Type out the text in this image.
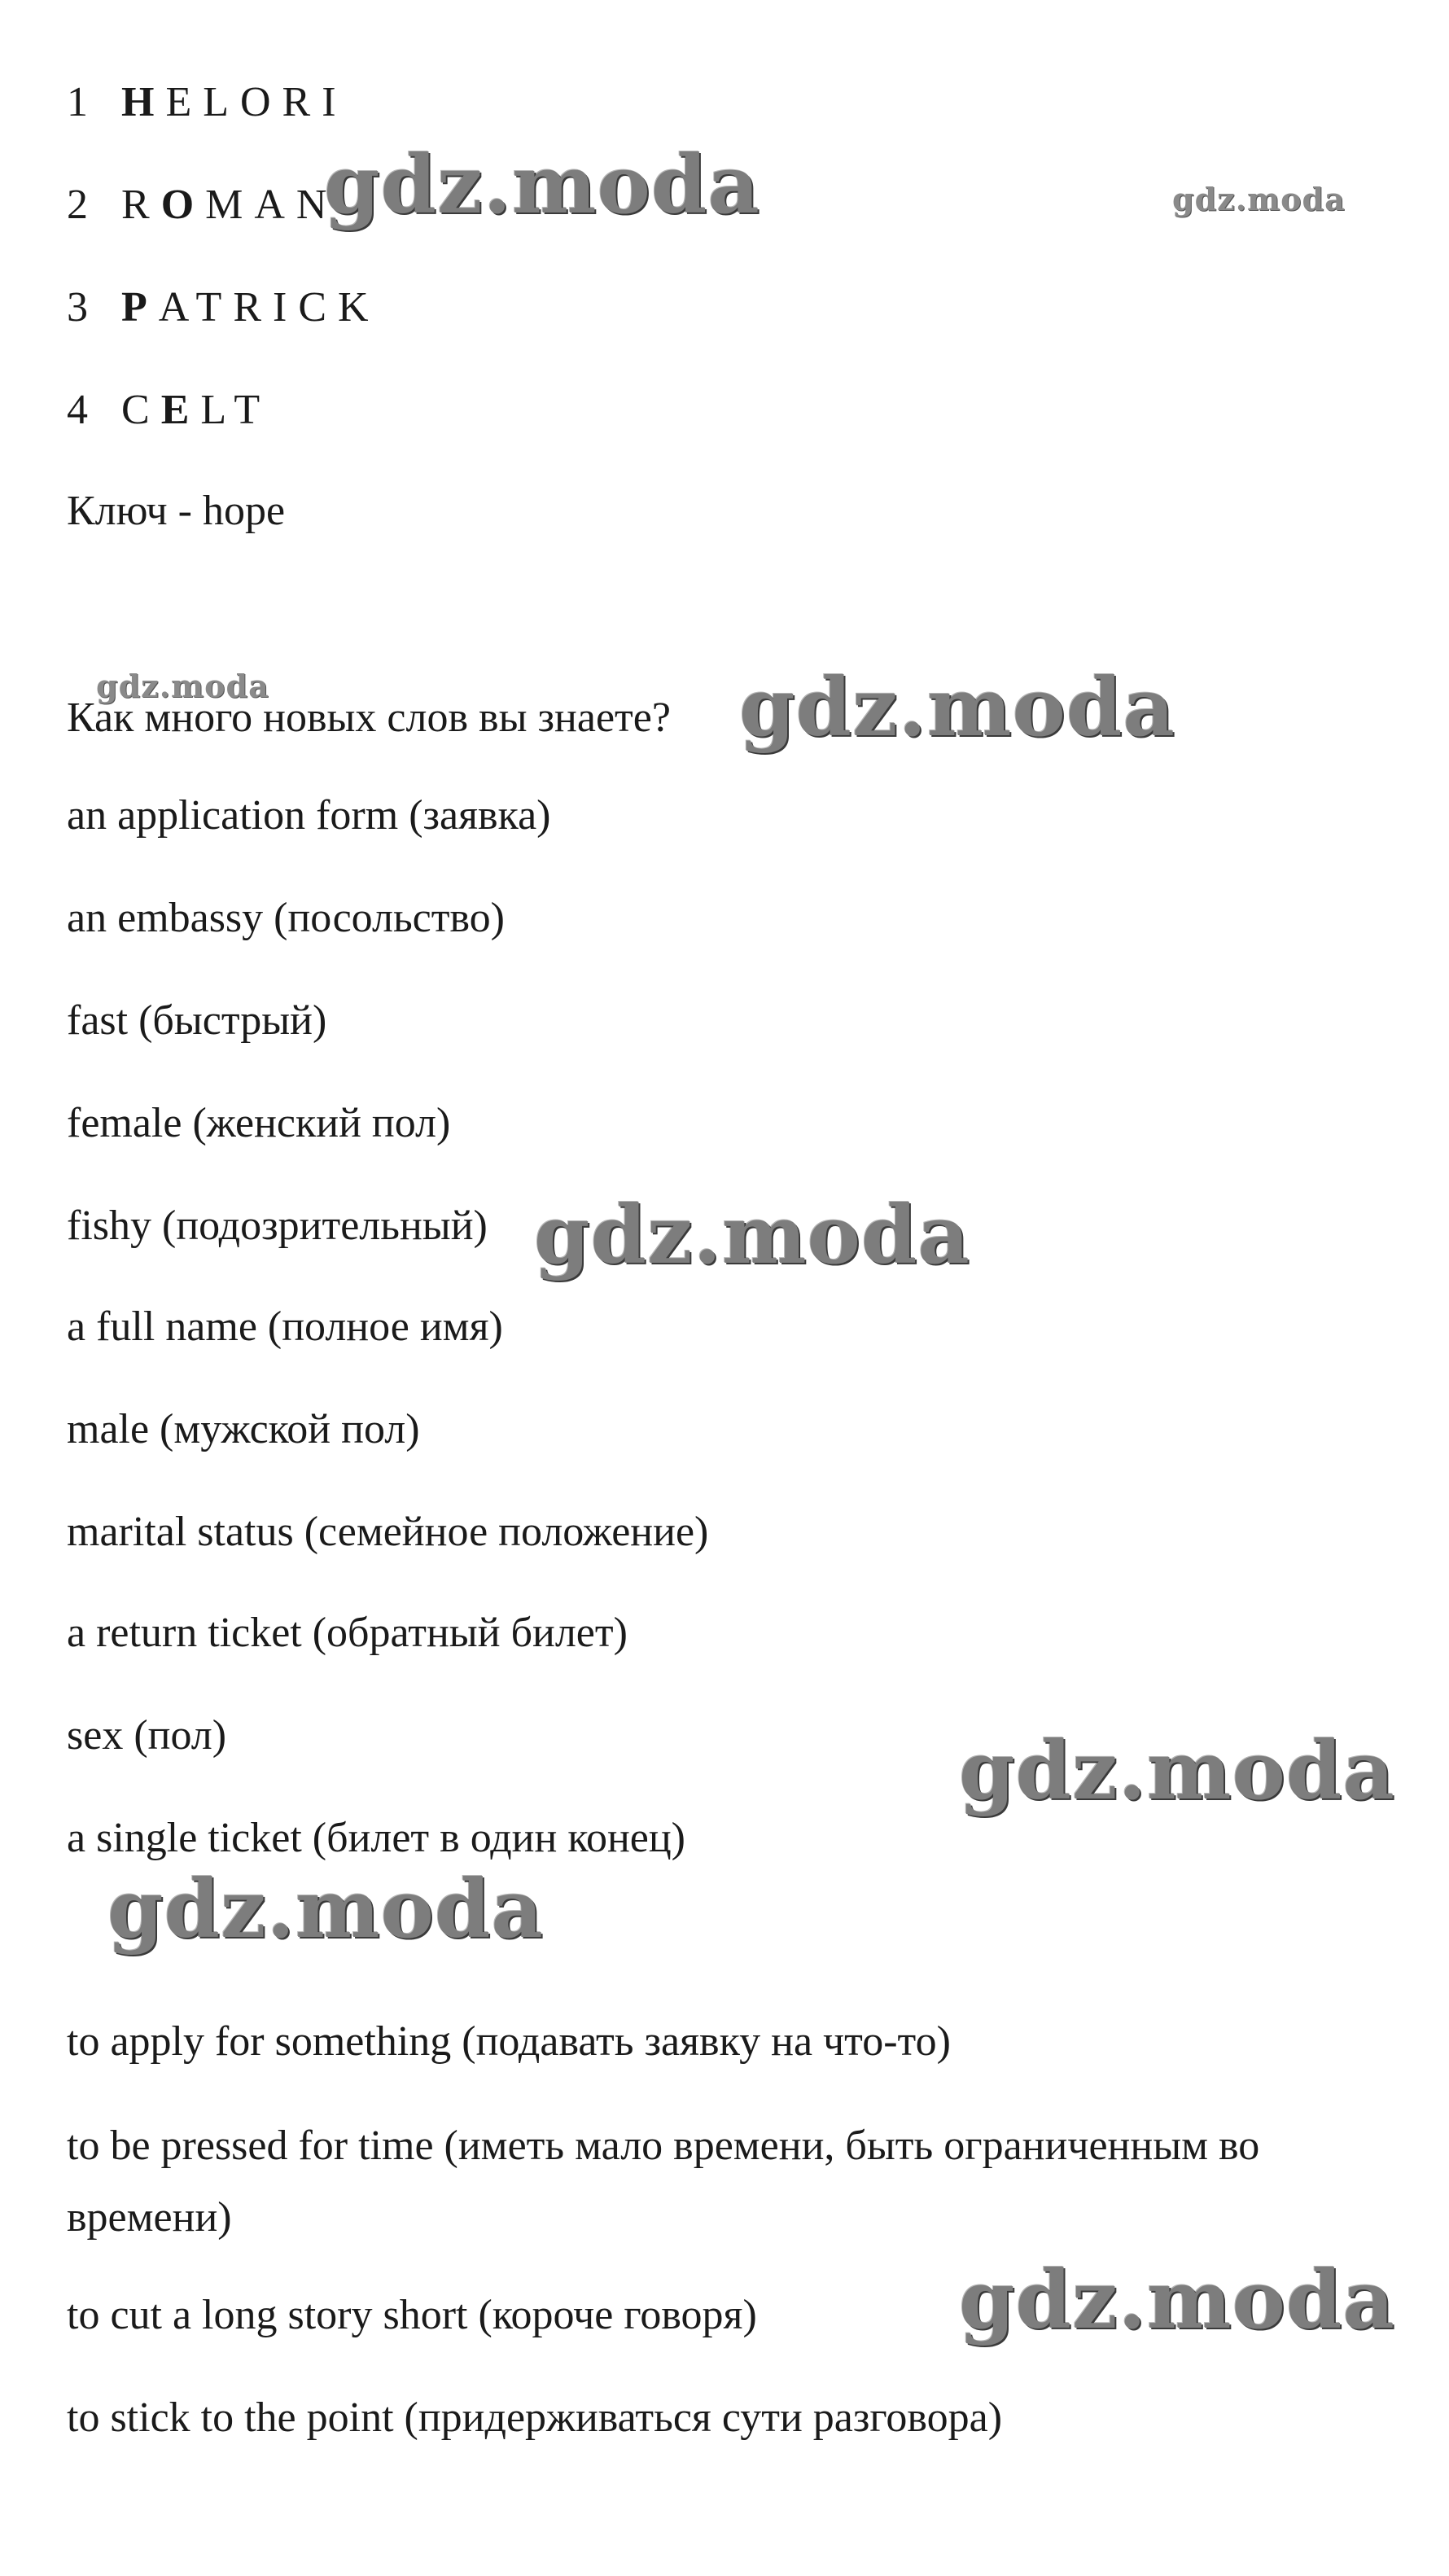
1 HELORI
2 ROMAN
3 PATRICK
4 CELT
Ключ - hope
Как много новых слов вы знаете?
an application form (заявка)
an embassy (посольство)
fast (быстрый)
female (женский пол)
fishy (подозрительный)
a full name (полное имя)
male (мужской пол)
marital status (семейное положение)
a return ticket (обратный билет)
sex (пол)
a single ticket (билет в один конец)
to apply for something (подавать заявку на что-то)
to be pressed for time (иметь мало времени, быть ограниченным во времени)
to cut a long story short (короче говоря)
to stick to the point (придерживаться сути разговора)
gdz.moda	gdz.moda
gdz.moda	gdz.moda
gdz.moda
gdz.moda
gdz.moda
gdz.moda
